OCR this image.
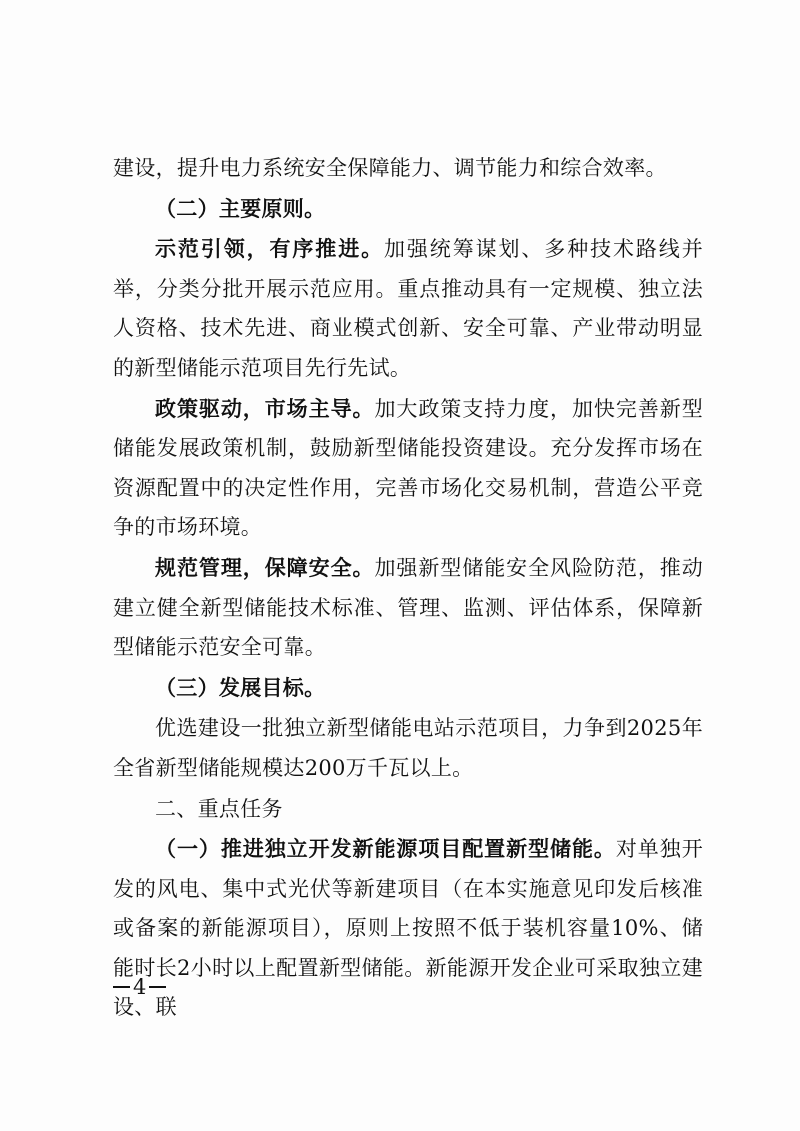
建设，提升电力系统安全保障能力、调节能力和综合效率。

（二）主要原则。

示范引领，有序推进。加强统筹谋划、多种技术路线并举，分类分批开展示范应用。重点推动具有一定规模、独立法人资格、技术先进、商业模式创新、安全可靠、产业带动明显的新型储能示范项目先行先试。

政策驱动，市场主导。加大政策支持力度，加快完善新型储能发展政策机制，鼓励新型储能投资建设。充分发挥市场在资源配置中的决定性作用，完善市场化交易机制，营造公平竞争的市场环境。

规范管理，保障安全。加强新型储能安全风险防范，推动建立健全新型储能技术标准、管理、监测、评估体系，保障新型储能示范安全可靠。

（三）发展目标。

优选建设一批独立新型储能电站示范项目，力争到2025年全省新型储能规模达200万千瓦以上。

二、重点任务

（一）推进独立开发新能源项目配置新型储能。对单独开发的风电、集中式光伏等新建项目（在本实施意见印发后核准或备案的新能源项目），原则上按照不低于装机容量10%、储能时长2小时以上配置新型储能。新能源开发企业可采取独立建设、联

4
